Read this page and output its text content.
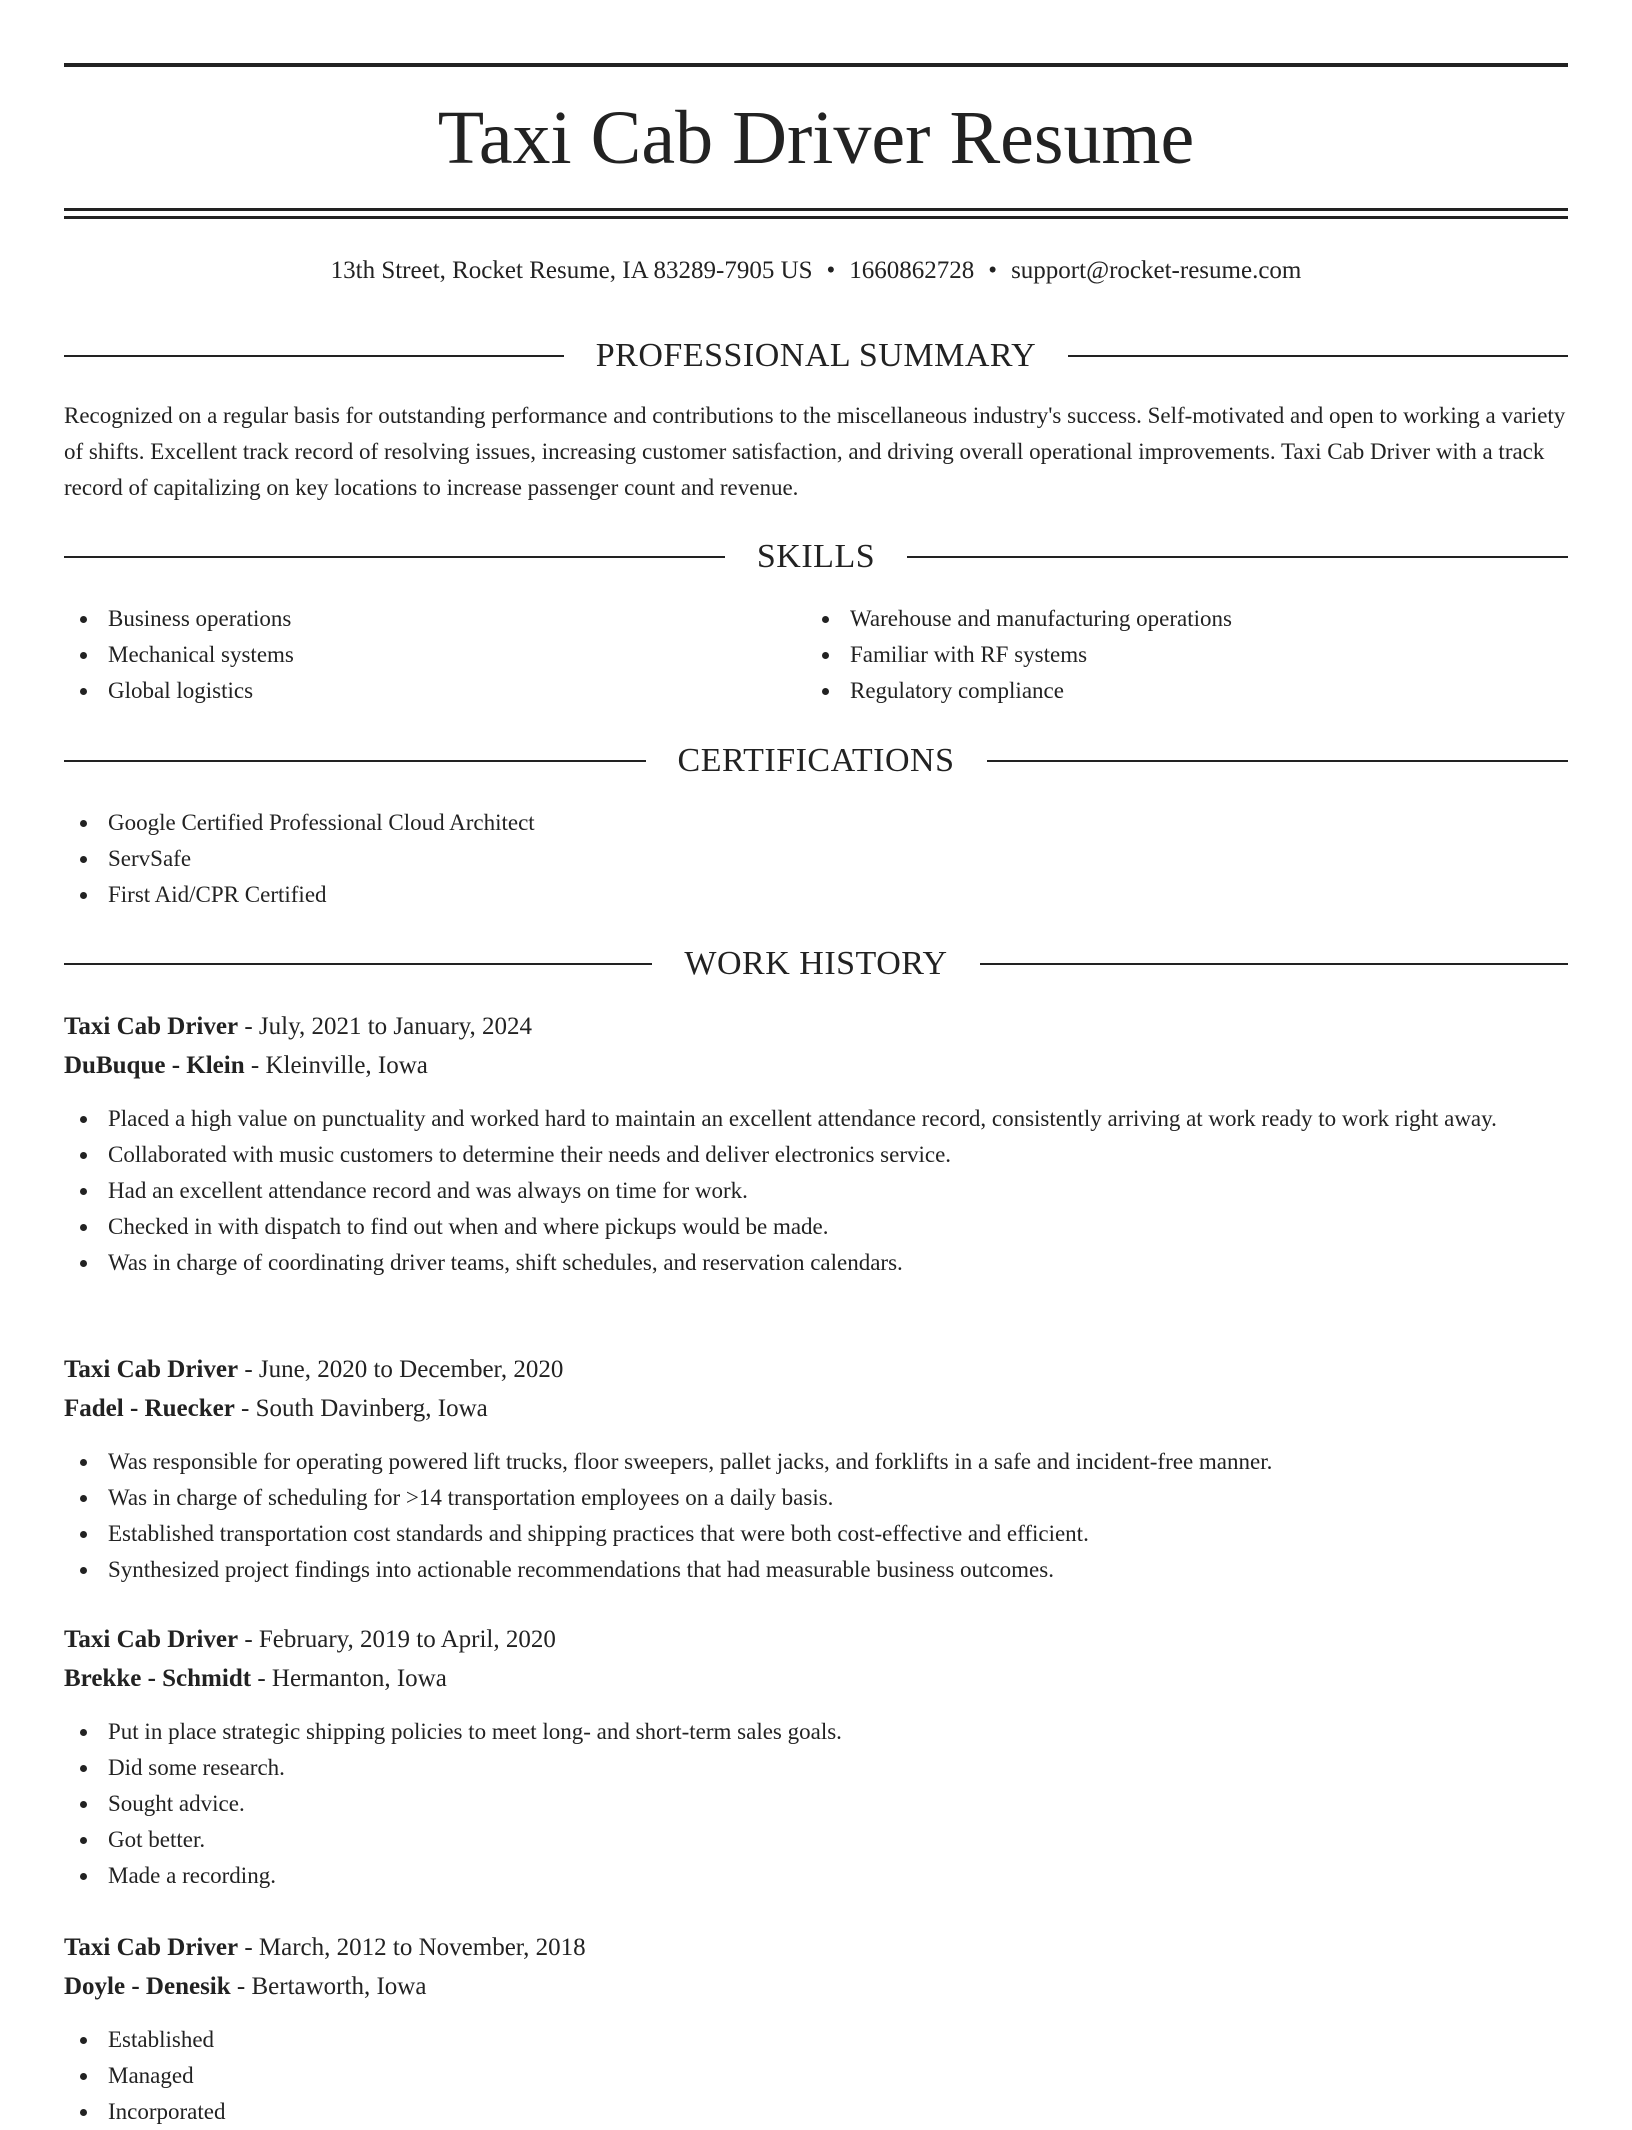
Taxi Cab Driver Resume
13th Street, Rocket Resume, IA 83289-7905 US • 1660862728 • support@rocket-resume.com
PROFESSIONAL SUMMARY
Recognized on a regular basis for outstanding performance and contributions to the miscellaneous industry's success. Self-motivated and open to working a variety of shifts. Excellent track record of resolving issues, increasing customer satisfaction, and driving overall operational improvements. Taxi Cab Driver with a track record of capitalizing on key locations to increase passenger count and revenue.
SKILLS
Business operations
Mechanical systems
Global logistics
Warehouse and manufacturing operations
Familiar with RF systems
Regulatory compliance
CERTIFICATIONS
Google Certified Professional Cloud Architect
ServSafe
First Aid/CPR Certified
WORK HISTORY
Taxi Cab Driver - July, 2021 to January, 2024
DuBuque - Klein - Kleinville, Iowa
Placed a high value on punctuality and worked hard to maintain an excellent attendance record, consistently arriving at work ready to work right away.
Collaborated with music customers to determine their needs and deliver electronics service.
Had an excellent attendance record and was always on time for work.
Checked in with dispatch to find out when and where pickups would be made.
Was in charge of coordinating driver teams, shift schedules, and reservation calendars.
Taxi Cab Driver - June, 2020 to December, 2020
Fadel - Ruecker - South Davinberg, Iowa
Was responsible for operating powered lift trucks, floor sweepers, pallet jacks, and forklifts in a safe and incident-free manner.
Was in charge of scheduling for >14 transportation employees on a daily basis.
Established transportation cost standards and shipping practices that were both cost-effective and efficient.
Synthesized project findings into actionable recommendations that had measurable business outcomes.
Taxi Cab Driver - February, 2019 to April, 2020
Brekke - Schmidt - Hermanton, Iowa
Put in place strategic shipping policies to meet long- and short-term sales goals.
Did some research.
Sought advice.
Got better.
Made a recording.
Taxi Cab Driver - March, 2012 to November, 2018
Doyle - Denesik - Bertaworth, Iowa
Established
Managed
Incorporated
